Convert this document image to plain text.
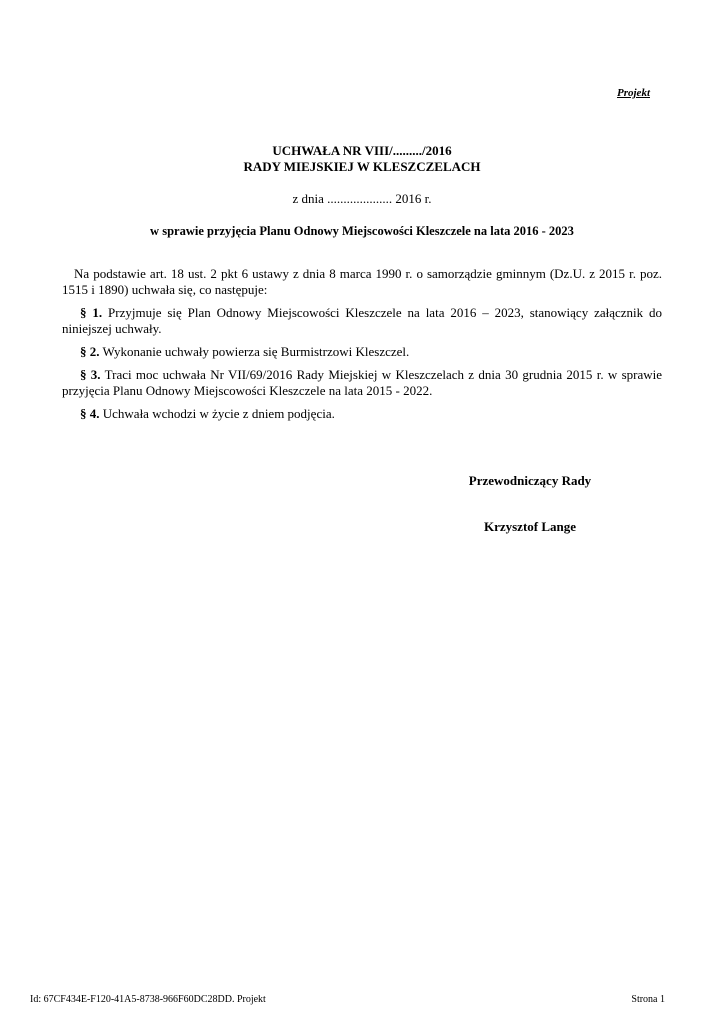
Projekt
UCHWAŁA NR VIII/........./2016
RADY MIEJSKIEJ W KLESZCZELACH
z dnia .................... 2016 r.
w sprawie przyjęcia Planu Odnowy Miejscowości Kleszczele na lata 2016 - 2023

Na podstawie art. 18 ust. 2 pkt 6 ustawy z dnia 8 marca 1990 r. o samorządzie gminnym (Dz.U. z 2015 r. poz. 1515 i 1890) uchwała się, co następuje:

§ 1. Przyjmuje się Plan Odnowy Miejscowości Kleszczele na lata 2016 – 2023, stanowiący załącznik do niniejszej uchwały.

§ 2. Wykonanie uchwały powierza się Burmistrzowi Kleszczel.

§ 3. Traci moc uchwała Nr VII/69/2016 Rady Miejskiej w Kleszczelach z dnia 30 grudnia 2015 r. w sprawie przyjęcia Planu Odnowy Miejscowości Kleszczele na lata 2015 - 2022.

§ 4. Uchwała wchodzi w życie z dniem podjęcia.

Przewodniczący Rady
Krzysztof Lange
Id: 67CF434E-F120-41A5-8738-966F60DC28DD. Projekt	Strona 1
